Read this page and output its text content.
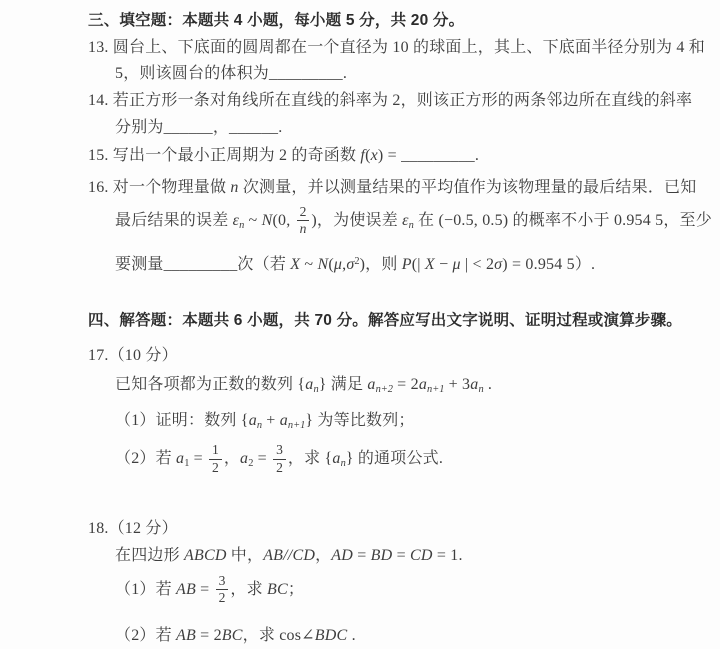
三、填空题：本题共 4 小题，每小题 5 分，共 20 分。
13. 圆台上、下底面的圆周都在一个直径为 10 的球面上，其上、下底面半径分别为 4 和
5，则该圆台的体积为_________.
14. 若正方形一条对角线所在直线的斜率为 2，则该正方形的两条邻边所在直线的斜率
分别为______，______.
15. 写出一个最小正周期为 2 的奇函数 f(x) = _________.
16. 对一个物理量做 n 次测量，并以测量结果的平均值作为该物理量的最后结果．已知
最后结果的误差 εn ~ N(0, $\frac{2}{n}$ )，为使误差 εn 在 (−0.5, 0.5) 的概率不小于 0.954 5，至少
要测量_________次（若 X ~ $N(\mu,\sigma^2)$，则 P(| X − μ | < 2σ) = 0.954 5）.
四、解答题：本题共 6 小题，共 70 分。解答应写出文字说明、证明过程或演算步骤。
17.（10 分）
已知各项都为正数的数列 {an} 满足 an+2 = 2an+1 + 3an .
（1）证明：数列 {an + an+1} 为等比数列；
（2）若 $a1 = \frac{1}{2}$ ，$a2 = \frac{3}{2}$ ，求 {an} 的通项公式.
18.（12 分）
在四边形 ABCD 中，AB//CD，AD = BD = CD = 1.
（1）若 AB = $\frac{3}{2}$ ，求 BC；
（2）若 AB = 2BC，求 cos∠BDC .
